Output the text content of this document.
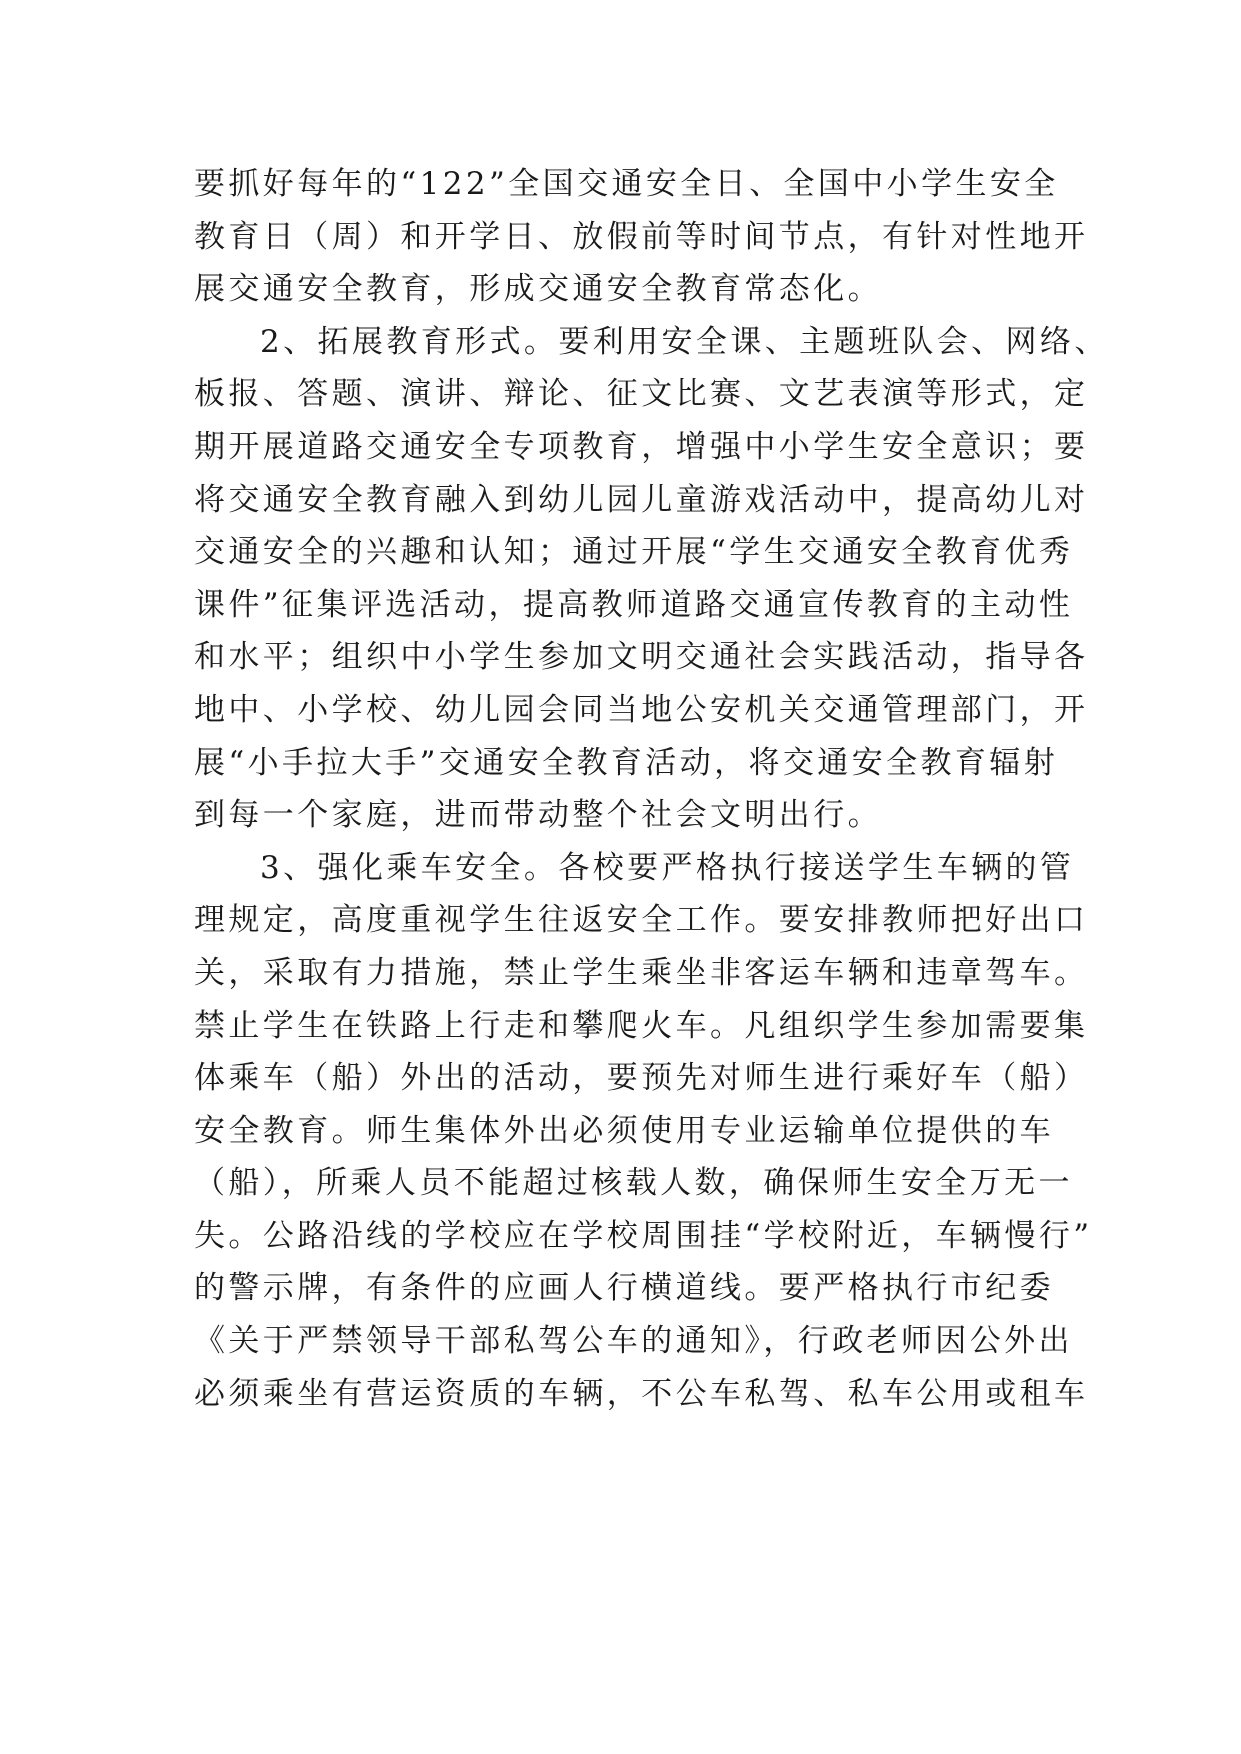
要抓好每年的“122”全国交通安全日、全国中小学生安全
教育日（周）和开学日、放假前等时间节点，有针对性地开
展交通安全教育，形成交通安全教育常态化。
2、拓展教育形式。要利用安全课、主题班队会、网络、
板报、答题、演讲、辩论、征文比赛、文艺表演等形式，定
期开展道路交通安全专项教育，增强中小学生安全意识；要
将交通安全教育融入到幼儿园儿童游戏活动中，提高幼儿对
交通安全的兴趣和认知；通过开展“学生交通安全教育优秀
课件”征集评选活动，提高教师道路交通宣传教育的主动性
和水平；组织中小学生参加文明交通社会实践活动，指导各
地中、小学校、幼儿园会同当地公安机关交通管理部门，开
展“小手拉大手”交通安全教育活动，将交通安全教育辐射
到每一个家庭，进而带动整个社会文明出行。
3、强化乘车安全。各校要严格执行接送学生车辆的管
理规定，高度重视学生往返安全工作。要安排教师把好出口
关，采取有力措施，禁止学生乘坐非客运车辆和违章驾车。
禁止学生在铁路上行走和攀爬火车。凡组织学生参加需要集
体乘车（船）外出的活动，要预先对师生进行乘好车（船）
安全教育。师生集体外出必须使用专业运输单位提供的车
（船），所乘人员不能超过核载人数，确保师生安全万无一
失。公路沿线的学校应在学校周围挂“学校附近，车辆慢行”
的警示牌，有条件的应画人行横道线。要严格执行市纪委
《关于严禁领导干部私驾公车的通知》，行政老师因公外出
必须乘坐有营运资质的车辆，不公车私驾、私车公用或租车
